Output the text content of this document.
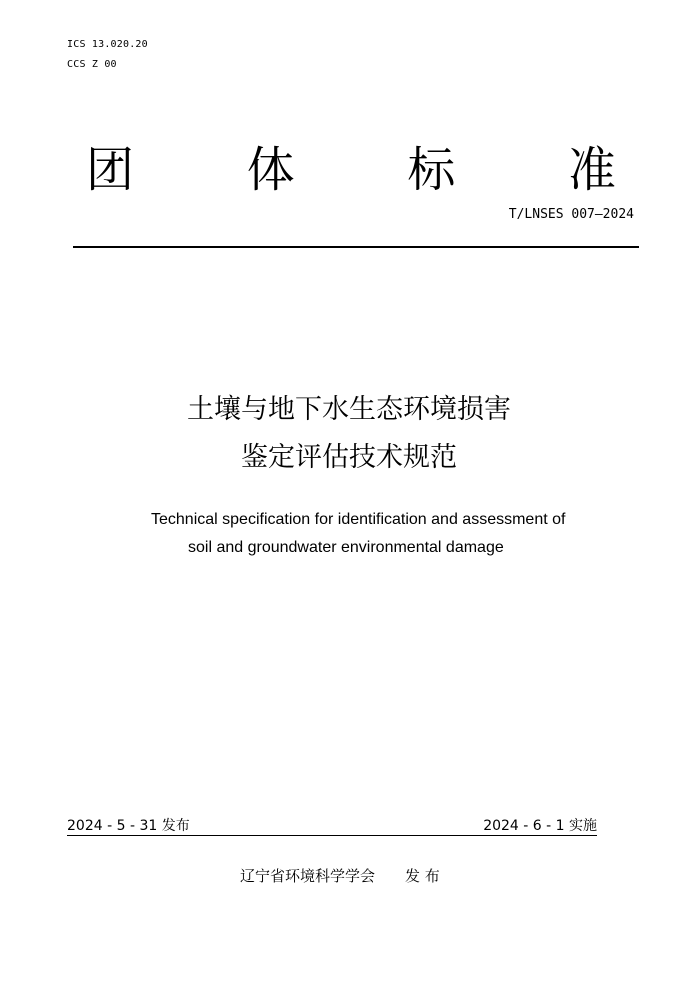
ICS 13.020.20
CCS Z 00
团 体 标 准
T/LNSES 007—2024
土壤与地下水生态环境损害
鉴定评估技术规范
Technical specification for identification and assessment of
soil and groundwater environmental damage
2024 - 5 - 31 发布	2024 - 6 - 1 实施
辽宁省环境科学学会 发 布
